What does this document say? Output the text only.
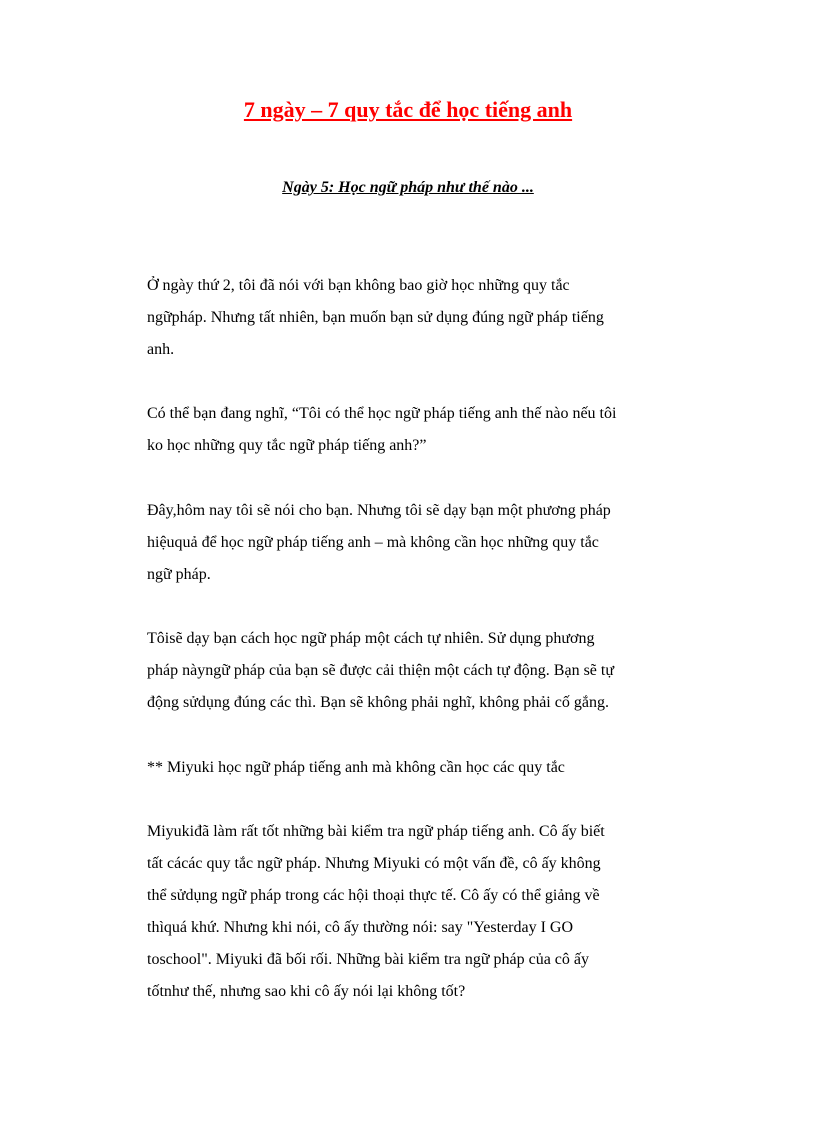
7 ngày – 7 quy tắc để học tiếng anh
Ngày 5: Học ngữ pháp như thế nào ...
Ở ngày thứ 2, tôi đã nói với bạn không bao giờ học những quy tắc
ngữpháp. Nhưng tất nhiên, bạn muốn bạn sử dụng đúng ngữ pháp tiếng
anh.
Có thể bạn đang nghĩ, “Tôi có thể học ngữ pháp tiếng anh thế nào nếu tôi
ko học những quy tắc ngữ pháp tiếng anh?”
Đây,hôm nay tôi sẽ nói cho bạn. Nhưng tôi sẽ dạy bạn một phương pháp
hiệuquả để học ngữ pháp tiếng anh – mà không cần học những quy tắc
ngữ pháp.
Tôisẽ dạy bạn cách học ngữ pháp một cách tự nhiên. Sử dụng phương
pháp nàyngữ pháp của bạn sẽ được cải thiện một cách tự động. Bạn sẽ tự
động sửdụng đúng các thì. Bạn sẽ không phải nghĩ, không phải cố gắng.
** Miyuki học ngữ pháp tiếng anh mà không cần học các quy tắc
Miyukiđã làm rất tốt những bài kiểm tra ngữ pháp tiếng anh. Cô ấy biết
tất cácác quy tắc ngữ pháp. Nhưng Miyuki có một vấn đề, cô ấy không
thể sửdụng ngữ pháp trong các hội thoại thực tế. Cô ấy có thể giảng về
thìquá khứ. Nhưng khi nói, cô ấy thường nói: say "Yesterday I GO
toschool". Miyuki đã bối rối. Những bài kiểm tra ngữ pháp của cô ấy
tốtnhư thế, nhưng sao khi cô ấy nói lại không tốt?
